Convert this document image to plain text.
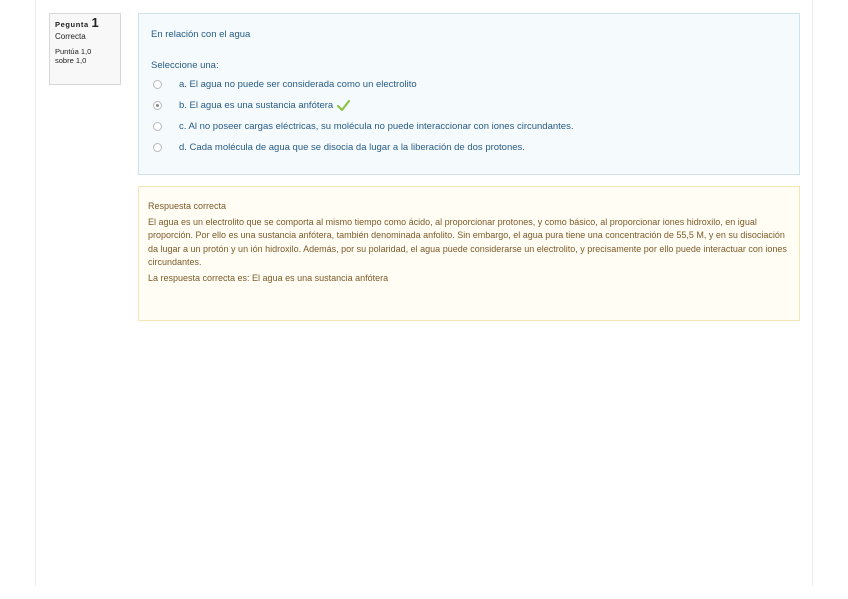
Pegunta 1
Correcta
Puntúa 1,0
sobre 1,0
En relación con el agua
Seleccione una:
a. El agua no puede ser considerada como un electrolito
b. El agua es una sustancia anfótera
c. Al no poseer cargas eléctricas, su molécula no puede interaccionar con iones circundantes.
d. Cada molécula de agua que se disocia da lugar a la liberación de dos protones.
Respuesta correcta
El agua es un electrolito que se comporta al mismo tiempo como ácido, al proporcionar protones, y como básico, al proporcionar iones hidroxilo, en igual proporción. Por ello es una sustancia anfótera, también denominada anfolito. Sin embargo, el agua pura tiene una concentración de 55,5 M, y en su disociación da lugar a un protón y un ión hidroxilo. Además, por su polaridad, el agua puede considerarse un electrolito, y precisamente por ello puede interactuar con iones circundantes.
La respuesta correcta es: El agua es una sustancia anfótera
